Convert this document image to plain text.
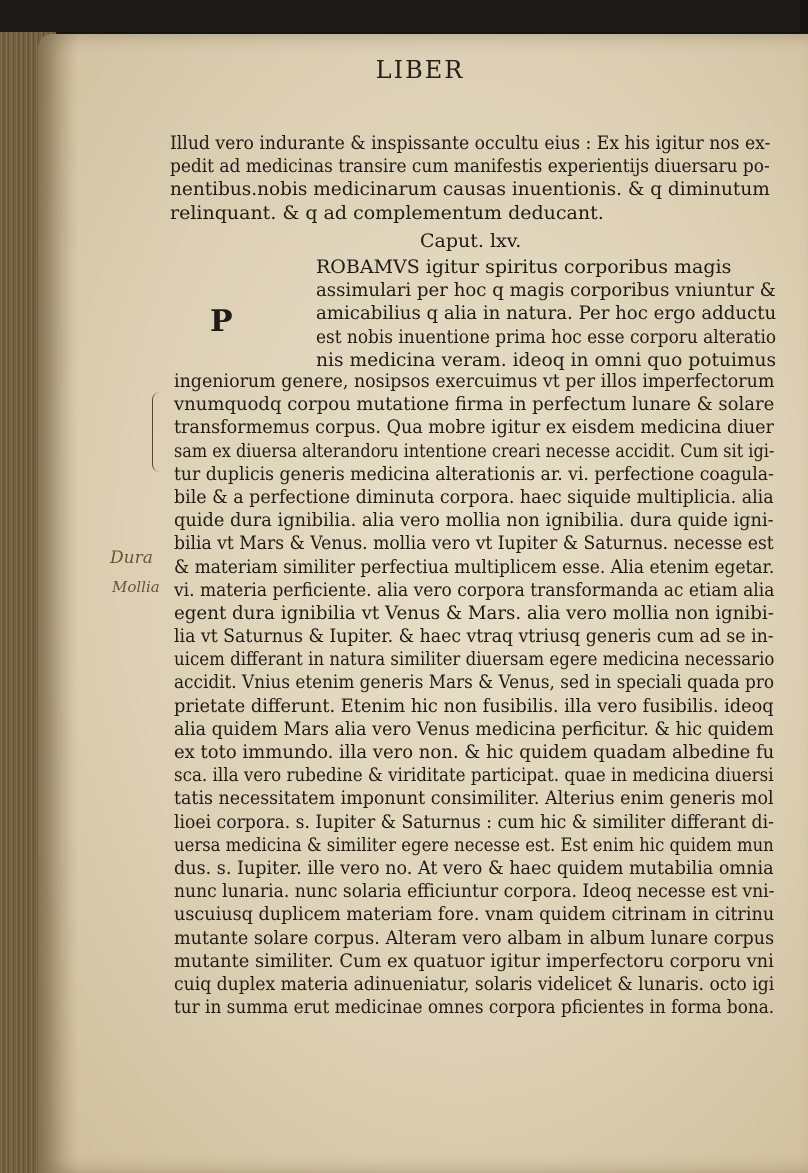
LIBER
Illud vero indurante & inspissante occultu eius : Ex his igitur nos ex-
pedit ad medicinas transire cum manifestis experientijs diuersaru po-
nentibus.nobis medicinarum causas inuentionis. & q diminutum
relinquant. & q ad complementum deducant.
Caput. lxv.
P
ROBAMVS igitur spiritus corporibus magis
assimulari per hoc q magis corporibus vniuntur &
amicabilius q alia in natura. Per hoc ergo adductu
est nobis inuentione prima hoc esse corporu alteratio
nis medicina veram. ideoq in omni quo potuimus
ingeniorum genere, nosipsos exercuimus vt per illos imperfectorum
vnumquodq corpou mutatione firma in perfectum lunare & solare
transformemus corpus. Qua mobre igitur ex eisdem medicina diuer
sam ex diuersa alterandoru intentione creari necesse accidit. Cum sit igi-
tur duplicis generis medicina alterationis ar. vi. perfectione coagula-
bile & a perfectione diminuta corpora. haec siquide multiplicia. alia
quide dura ignibilia. alia vero mollia non ignibilia. dura quide igni-
bilia vt Mars & Venus. mollia vero vt Iupiter & Saturnus. necesse est
& materiam similiter perfectiua multiplicem esse. Alia etenim egetar.
vi. materia perficiente. alia vero corpora transformanda ac etiam alia
egent dura ignibilia vt Venus & Mars. alia vero mollia non ignibi-
lia vt Saturnus & Iupiter. & haec vtraq vtriusq generis cum ad se in-
uicem differant in natura similiter diuersam egere medicina necessario
accidit. Vnius etenim generis Mars & Venus, sed in speciali quada pro
prietate differunt. Etenim hic non fusibilis. illa vero fusibilis. ideoq
alia quidem Mars alia vero Venus medicina perficitur. & hic quidem
ex toto immundo. illa vero non. & hic quidem quadam albedine fu
sca. illa vero rubedine & viriditate participat. quae in medicina diuersi
tatis necessitatem imponunt consimiliter. Alterius enim generis mol
lioei corpora. s. Iupiter & Saturnus : cum hic & similiter differant di-
uersa medicina & similiter egere necesse est. Est enim hic quidem mun
dus. s. Iupiter. ille vero no. At vero & haec quidem mutabilia omnia
nunc lunaria. nunc solaria efficiuntur corpora. Ideoq necesse est vni-
uscuiusq duplicem materiam fore. vnam quidem citrinam in citrinu
mutante solare corpus. Alteram vero albam in album lunare corpus
mutante similiter. Cum ex quatuor igitur imperfectoru corporu vni
cuiq duplex materia adinueniatur, solaris videlicet & lunaris. octo igi
tur in summa erut medicinae omnes corpora pficientes in forma bona.
Dura
Mollia
